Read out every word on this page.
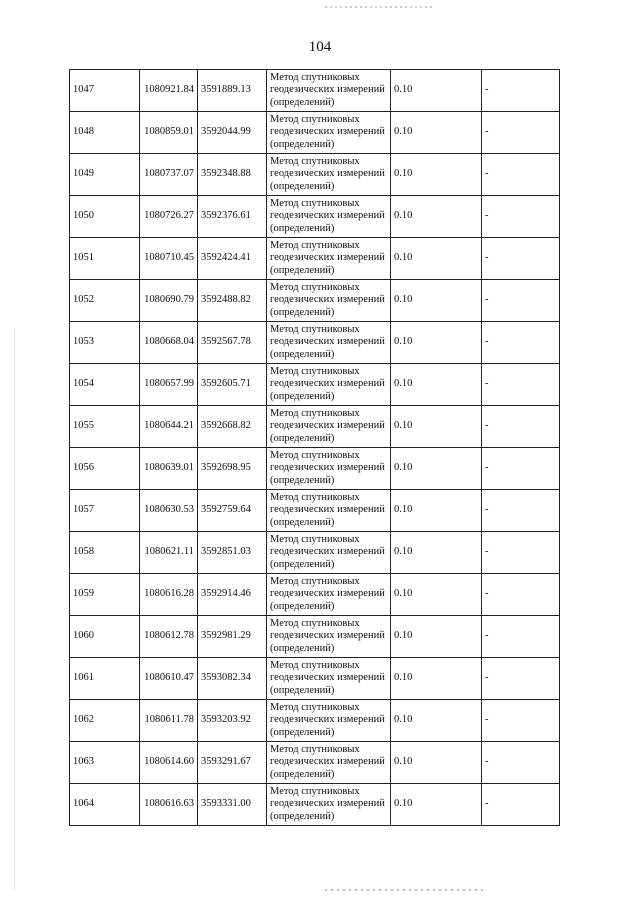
104
1047	1080921.84	3591889.13	Метод спутниковых
геодезических измерений
(определений)	0.10	-
1048	1080859.01	3592044.99	Метод спутниковых
геодезических измерений
(определений)	0.10	-
1049	1080737.07	3592348.88	Метод спутниковых
геодезических измерений
(определений)	0.10	-
1050	1080726.27	3592376.61	Метод спутниковых
геодезических измерений
(определений)	0.10	-
1051	1080710.45	3592424.41	Метод спутниковых
геодезических измерений
(определений)	0.10	-
1052	1080690.79	3592488.82	Метод спутниковых
геодезических измерений
(определений)	0.10	-
1053	1080668.04	3592567.78	Метод спутниковых
геодезических измерений
(определений)	0.10	-
1054	1080657.99	3592605.71	Метод спутниковых
геодезических измерений
(определений)	0.10	-
1055	1080644.21	3592668.82	Метод спутниковых
геодезических измерений
(определений)	0.10	-
1056	1080639.01	3592698.95	Метод спутниковых
геодезических измерений
(определений)	0.10	-
1057	1080630.53	3592759.64	Метод спутниковых
геодезических измерений
(определений)	0.10	-
1058	1080621.11	3592851.03	Метод спутниковых
геодезических измерений
(определений)	0.10	-
1059	1080616.28	3592914.46	Метод спутниковых
геодезических измерений
(определений)	0.10	-
1060	1080612.78	3592981.29	Метод спутниковых
геодезических измерений
(определений)	0.10	-
1061	1080610.47	3593082.34	Метод спутниковых
геодезических измерений
(определений)	0.10	-
1062	1080611.78	3593203.92	Метод спутниковых
геодезических измерений
(определений)	0.10	-
1063	1080614.60	3593291.67	Метод спутниковых
геодезических измерений
(определений)	0.10	-
1064	1080616.63	3593331.00	Метод спутниковых
геодезических измерений
(определений)	0.10	-
